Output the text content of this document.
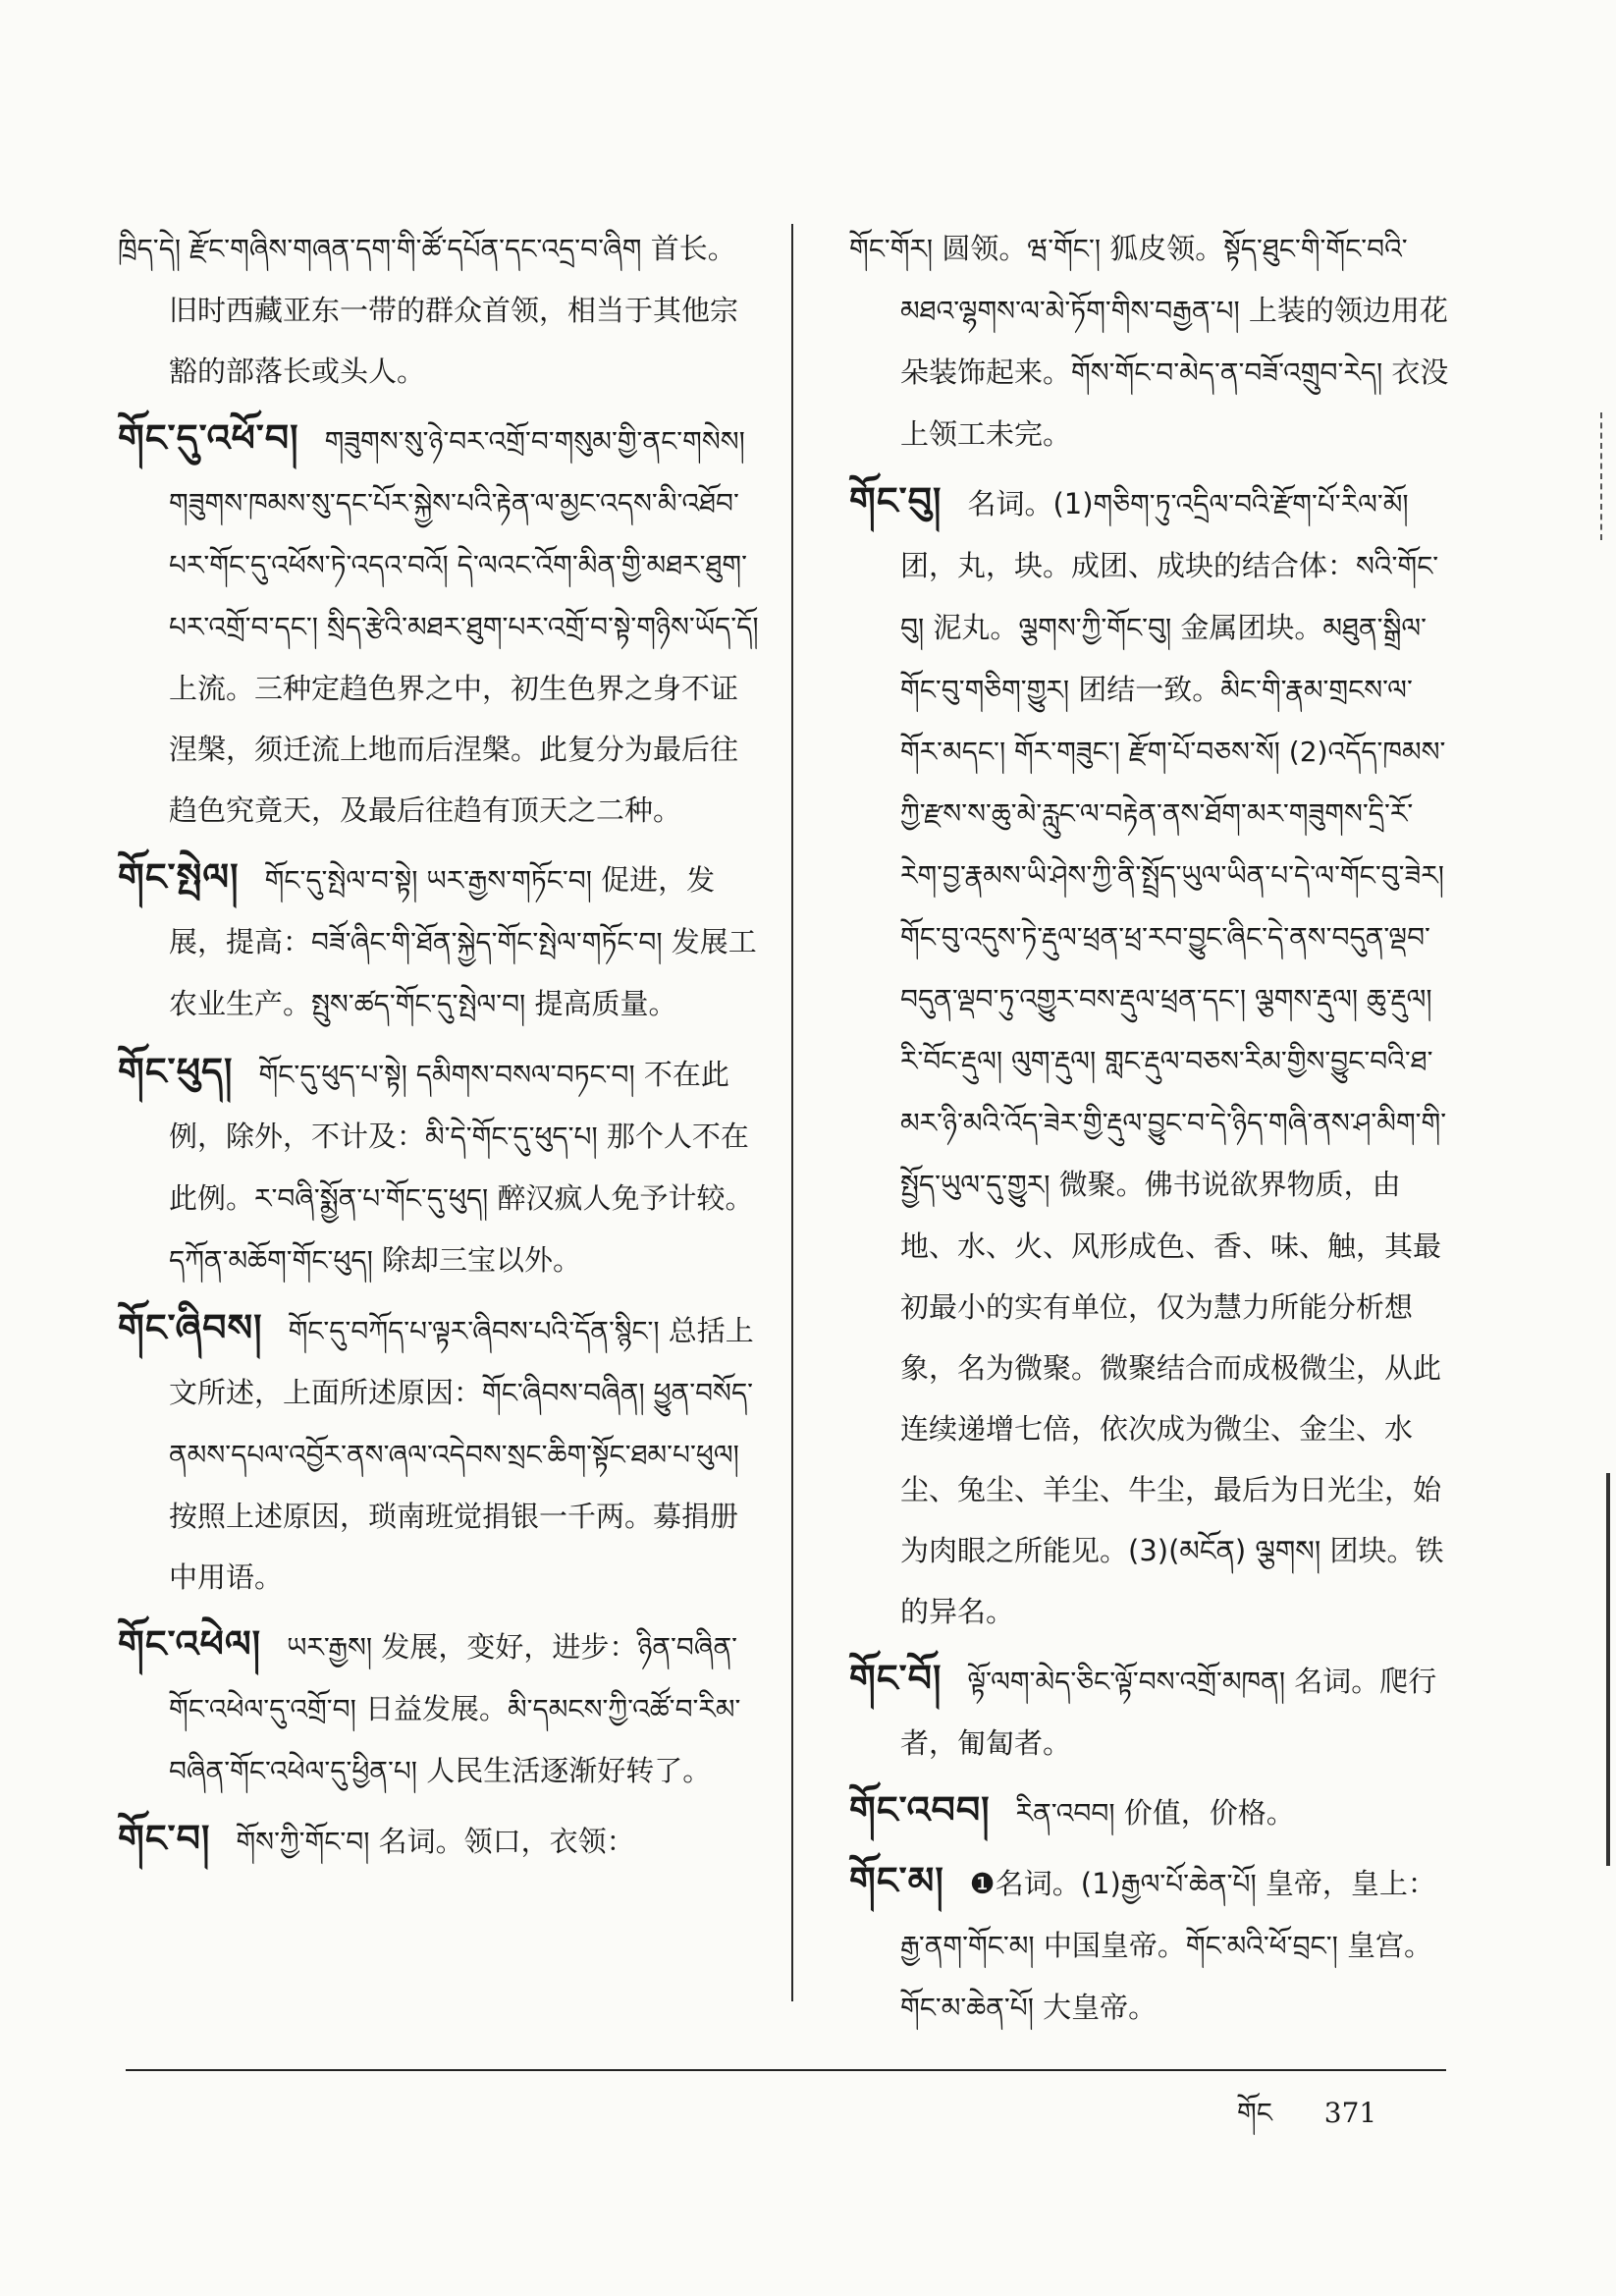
ཁྲིད་དེ། རྫོང་གཞིས་གཞན་དག་གི་ཚོ་དཔོན་དང་འདྲ་བ་ཞིག 首长。旧时西藏亚东一带的群众首领，相当于其他宗豁的部落长或头人。

གོང་དུ་འཕོ་བ། གཟུགས་སུ་ཉེ་བར་འགྲོ་བ་གསུམ་གྱི་ནང་གསེས། གཟུགས་ཁམས་སུ་དང་པོར་སྐྱེས་པའི་རྟེན་ལ་མྱང་འདས་མི་འཐོབ་པར་གོང་དུ་འཕོས་ཏེ་འདའ་བའོ། དེ་ལའང་འོག་མིན་གྱི་མཐར་ཐུག་པར་འགྲོ་བ་དང་། སྲིད་རྩེའི་མཐར་ཐུག་པར་འགྲོ་བ་སྟེ་གཉིས་ཡོད་དོ། 上流。三种定趋色界之中，初生色界之身不证涅槃，须迁流上地而后涅槃。此复分为最后往趋色究竟天，及最后往趋有顶天之二种。

གོང་སྤེལ། གོང་དུ་སྤེལ་བ་སྟེ། ཡར་རྒྱས་གཏོང་བ། 促进，发展，提高：བཟོ་ཞིང་གི་ཐོན་སྐྱེད་གོང་སྤེལ་གཏོང་བ། 发展工农业生产。སྤུས་ཚད་གོང་དུ་སྤེལ་བ། 提高质量。

གོང་ཕུད། གོང་དུ་ཕུད་པ་སྟེ། དམིགས་བསལ་བཏང་བ། 不在此例，除外，不计及：མི་དེ་གོང་དུ་ཕུད་པ། 那个人不在此例。ར་བཞི་སྨྱོན་པ་གོང་དུ་ཕུད། 醉汉疯人免予计较。དཀོན་མཆོག་གོང་ཕུད། 除却三宝以外。

གོང་ཞིབས། གོང་དུ་བཀོད་པ་ལྟར་ཞིབས་པའི་དོན་སྙིང་། 总括上文所述，上面所述原因：གོང་ཞིབས་བཞིན། ཕྱུན་བསོད་ནམས་དཔལ་འབྱོར་ནས་ཞལ་འདེབས་སྲང་ཆིག་སྟོང་ཐམ་པ་ཕུལ། 按照上述原因，琐南班觉捐银一千两。募捐册中用语。

གོང་འཕེལ། ཡར་རྒྱས། 发展，变好，进步：ཉིན་བཞིན་གོང་འཕེལ་དུ་འགྲོ་བ། 日益发展。མི་དམངས་ཀྱི་འཚོ་བ་རིམ་བཞིན་གོང་འཕེལ་དུ་ཕྱིན་པ། 人民生活逐渐好转了。

གོང་བ། གོས་ཀྱི་གོང་བ། 名词。领口，衣领：

གོང་གོར། 圆领。ཝ་གོང་། 狐皮领。སྟོད་ཐུང་གི་གོང་བའི་མཐའ་ལྷགས་ལ་མེ་ཏོག་གིས་བརྒྱན་པ། 上装的领边用花朵装饰起来。གོས་གོང་བ་མེད་ན་བཟོ་འགྲུབ་རེད། 衣没上领工未完。

གོང་བུ། 名词。(1)གཅིག་ཏུ་འདྲིལ་བའི་རྫོག་པོ་རིལ་མོ། 团，丸，块。成团、成块的结合体：སའི་གོང་བུ། 泥丸。ལྕགས་ཀྱི་གོང་བུ། 金属团块。མཐུན་སྒྲིལ་གོང་བུ་གཅིག་གྱུར། 团结一致。མིང་གི་རྣམ་གྲངས་ལ་གོར་མདང་། གོར་གཟུང་། རྫོག་པོ་བཅས་སོ། (2)འདོད་ཁམས་ཀྱི་རྫས་ས་ཆུ་མེ་རླུང་ལ་བརྟེན་ནས་ཐོག་མར་གཟུགས་དྲི་རོ་རེག་བྱ་རྣམས་ཡི་ཤེས་ཀྱི་ནི་སྤྲོད་ཡུལ་ཡིན་པ་དེ་ལ་གོང་བུ་ཟེར། གོང་བུ་འདུས་ཏེ་རྡུལ་ཕྲན་ཕྲ་རབ་བྱུང་ཞིང་དེ་ནས་བདུན་ལྡབ་བདུན་ལྡབ་ཏུ་འགྱུར་བས་རྡུལ་ཕྲན་དང་། ལྕགས་རྡུལ། ཆུ་རྡུལ། རི་བོང་རྡུལ། ལུག་རྡུལ། གླང་རྡུལ་བཅས་རིམ་གྱིས་བྱུང་བའི་ཐ་མར་ཉི་མའི་འོད་ཟེར་གྱི་རྡུལ་བྱུང་བ་དེ་ཉིད་གཞི་ནས་ཤ་མིག་གི་སྤྱོད་ཡུལ་དུ་གྱུར། 微聚。佛书说欲界物质，由地、水、火、风形成色、香、味、触，其最初最小的实有单位，仅为慧力所能分析想象，名为微聚。微聚结合而成极微尘，从此连续递增七倍，依次成为微尘、金尘、水尘、兔尘、羊尘、牛尘，最后为日光尘，始为肉眼之所能见。(3)(མངོན) ལྕགས། 团块。铁的异名。

གོང་བོ། ལྟོ་ལག་མེད་ཅིང་ལྟོ་བས་འགྲོ་མཁན། 名词。爬行者，匍匐者。

གོང་འབབ། རིན་འབབ། 价值，价格。

གོང་མ། ❶名词。(1)རྒྱལ་པོ་ཆེན་པོ། 皇帝，皇上：རྒྱ་ནག་གོང་མ། 中国皇帝。གོང་མའི་ཕོ་བྲང་། 皇宫。གོང་མ་ཆེན་པོ། 大皇帝。

གོང 371
